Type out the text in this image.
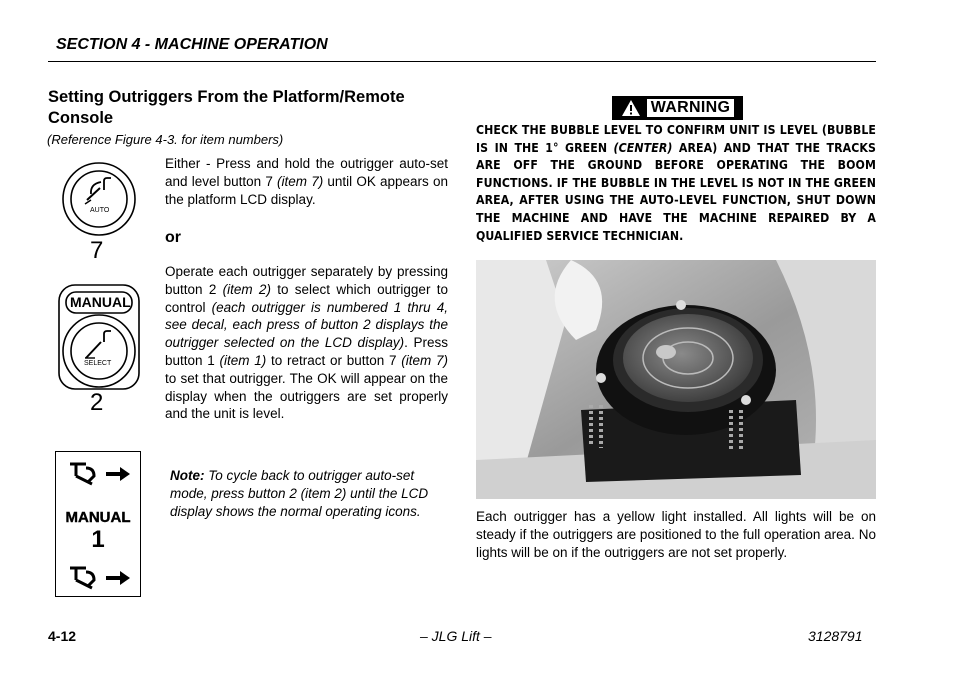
SECTION 4 - MACHINE OPERATION
Setting Outriggers From the Platform/Remote Console
(Reference Figure 4-3. for item numbers)
AUTO
7
Either - Press and hold the outrigger auto-set and level button 7 (item 7) until OK appears on the platform LCD display.
or
MANUAL
SELECT
2
Operate each outrigger separately by pressing button 2 (item 2) to select which outrigger to control (each outrigger is numbered 1 thru 4, see decal, each press of button 2 displays the outrigger selected on the LCD display). Press button 1 (item 1) to retract or button 7 (item 7) to set that outrigger. The OK will appear on the display when the outriggers are set properly and the unit is level.
MANUAL
1
Note: To cycle back to outrigger auto-set mode, press button 2 (item 2) until the LCD display shows the normal operating icons.
WARNING
CHECK THE BUBBLE LEVEL TO CONFIRM UNIT IS LEVEL (BUBBLE IS IN THE 1° GREEN (CENTER) AREA) AND THAT THE TRACKS ARE OFF THE GROUND BEFORE OPERATING THE BOOM FUNCTIONS. IF THE BUBBLE IN THE LEVEL IS NOT IN THE GREEN AREA, AFTER USING THE AUTO-LEVEL FUNCTION, SHUT DOWN THE MACHINE AND HAVE THE MACHINE REPAIRED BY A QUALIFIED SERVICE TECHNICIAN.
Each outrigger has a yellow light installed. All lights will be on steady if the outriggers are positioned to the full operation area. No lights will be on if the outriggers are not set properly.
4-12	– JLG Lift –	3128791
